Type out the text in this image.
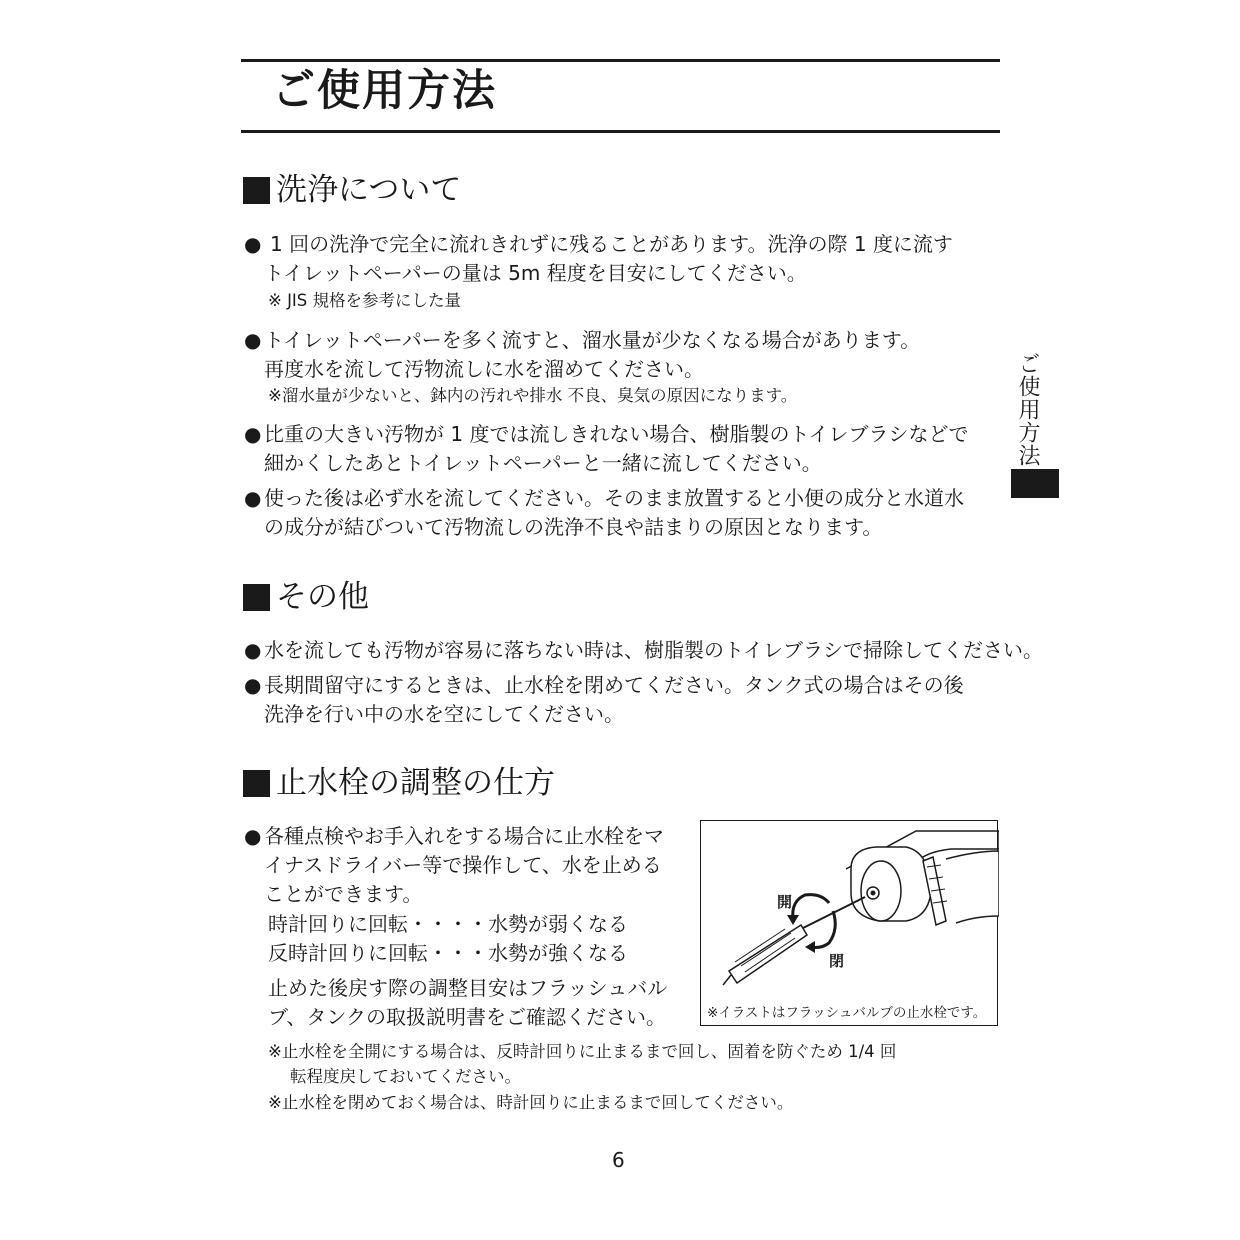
ご使用方法
ご使用方法
洗浄について
● 1 回の洗浄で完全に流れきれずに残ることがあります。洗浄の際 1 度に流す
トイレットペーパーの量は 5m 程度を目安にしてください。
※ JIS 規格を参考にした量
● トイレットペーパーを多く流すと、溜水量が少なくなる場合があります。
再度水を流して汚物流しに水を溜めてください。
※溜水量が少ないと、鉢内の汚れや排水 不良、臭気の原因になります。
● 比重の大きい汚物が 1 度では流しきれない場合、樹脂製のトイレブラシなどで
細かくしたあとトイレットペーパーと一緒に流してください。
● 使った後は必ず水を流してください。そのまま放置すると小便の成分と水道水
の成分が結びついて汚物流しの洗浄不良や詰まりの原因となります。
その他
● 水を流しても汚物が容易に落ちない時は、樹脂製のトイレブラシで掃除してください。
● 長期間留守にするときは、止水栓を閉めてください。タンク式の場合はその後
洗浄を行い中の水を空にしてください。
止水栓の調整の仕方
● 各種点検やお手入れをする場合に止水栓をマ
イナスドライバー等で操作して、水を止める
ことができます。
時計回りに回転・・・・水勢が弱くなる
反時計回りに回転・・・水勢が強くなる
止めた後戻す際の調整目安はフラッシュバル
ブ、タンクの取扱説明書をご確認ください。
開
閉
※イラストはフラッシュバルブの止水栓です。
※止水栓を全開にする場合は、反時計回りに止まるまで回し、固着を防ぐため 1/4 回
転程度戻しておいてください。
※止水栓を閉めておく場合は、時計回りに止まるまで回してください。
6
